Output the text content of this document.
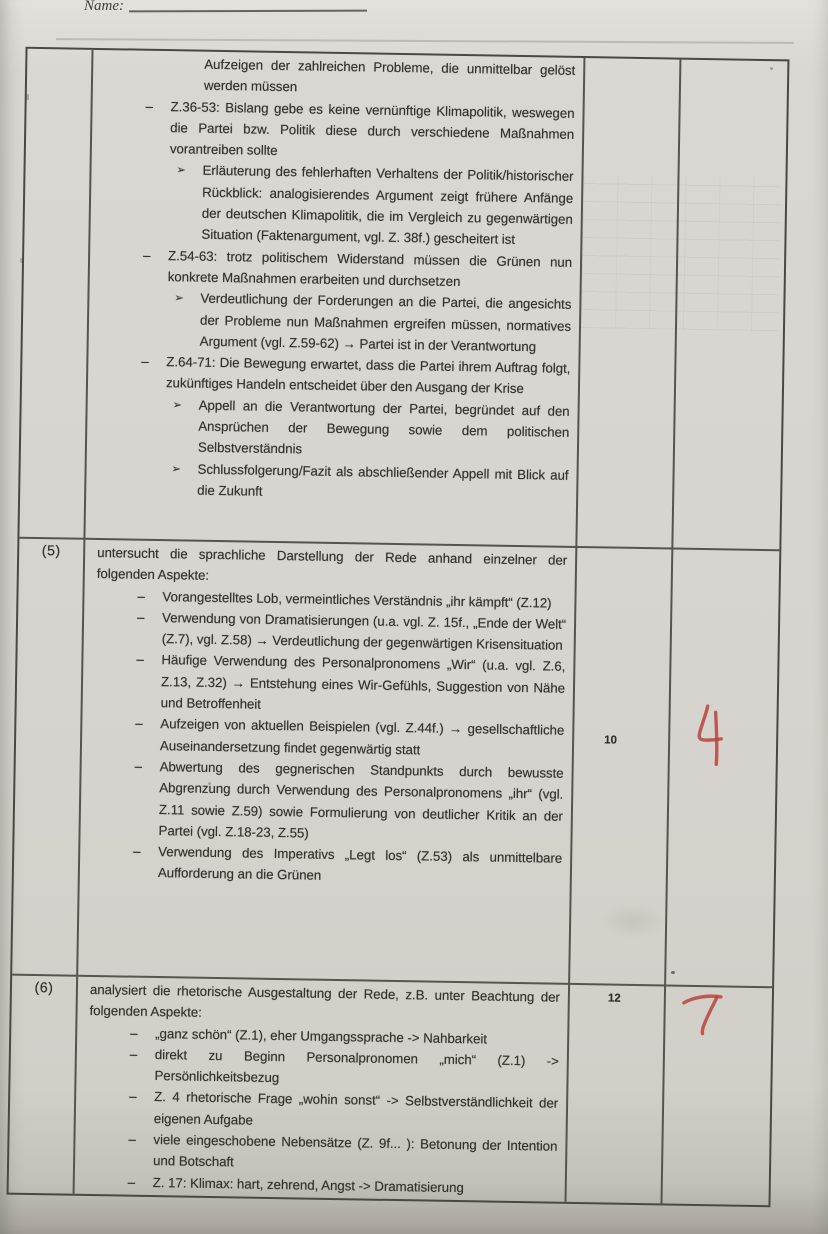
Name:
Aufzeigen der zahlreichen Probleme, die unmittelbar gelöst werden müssen
– Z.36-53: Bislang gebe es keine vernünftige Klimapolitik, weswegen die Partei bzw. Politik diese durch verschiedene Maßnahmen vorantreiben sollte
➢ Erläuterung des fehlerhaften Verhaltens der Politik/historischer Rückblick: analogisierendes Argument zeigt frühere Anfänge der deutschen Klimapolitik, die im Vergleich zu gegenwärtigen Situation (Faktenargument, vgl. Z. 38f.) gescheitert ist
– Z.54-63: trotz politischem Widerstand müssen die Grünen nun konkrete Maßnahmen erarbeiten und durchsetzen
➢ Verdeutlichung der Forderungen an die Partei, die angesichts der Probleme nun Maßnahmen ergreifen müssen, normatives Argument (vgl. Z.59-62) → Partei ist in der Verantwortung
– Z.64-71: Die Bewegung erwartet, dass die Partei ihrem Auftrag folgt, zukünftiges Handeln entscheidet über den Ausgang der Krise
➢ Appell an die Verantwortung der Partei, begründet auf den Ansprüchen der Bewegung sowie dem politischen Selbstverständnis
➢ Schlussfolgerung/Fazit als abschließender Appell mit Blick auf die Zukunft
(5)	untersucht die sprachliche Darstellung der Rede anhand einzelner der folgenden Aspekte:
– Vorangestelltes Lob, vermeintliches Verständnis „ihr kämpft“ (Z.12)
– Verwendung von Dramatisierungen (u.a. vgl. Z. 15f., „Ende der Welt“ (Z.7), vgl. Z.58) → Verdeutlichung der gegenwärtigen Krisensituation
– Häufige Verwendung des Personalpronomens „Wir“ (u.a. vgl. Z.6, Z.13, Z.32) → Entstehung eines Wir-Gefühls, Suggestion von Nähe und Betroffenheit
– Aufzeigen von aktuellen Beispielen (vgl. Z.44f.) → gesellschaftliche Auseinandersetzung findet gegenwärtig statt
– Abwertung des gegnerischen Standpunkts durch bewusste Abgrenzung durch Verwendung des Personalpronomens „ihr“ (vgl. Z.11 sowie Z.59) sowie Formulierung von deutlicher Kritik an der Partei (vgl. Z.18-23, Z.55)
– Verwendung des Imperativs „Legt los“ (Z.53) als unmittelbare Aufforderung an die Grünen
10
(6)	analysiert die rhetorische Ausgestaltung der Rede, z.B. unter Beachtung der folgenden Aspekte:
– „ganz schön“ (Z.1), eher Umgangssprache -> Nahbarkeit
– direkt zu Beginn Personalpronomen „mich“ (Z.1) -> Persönlichkeitsbezug
– Z. 4 rhetorische Frage „wohin sonst“ -> Selbstverständlichkeit der eigenen Aufgabe
– viele eingeschobene Nebensätze (Z. 9f... ): Betonung der Intention und Botschaft
– Z. 17: Klimax: hart, zehrend, Angst -> Dramatisierung
12
